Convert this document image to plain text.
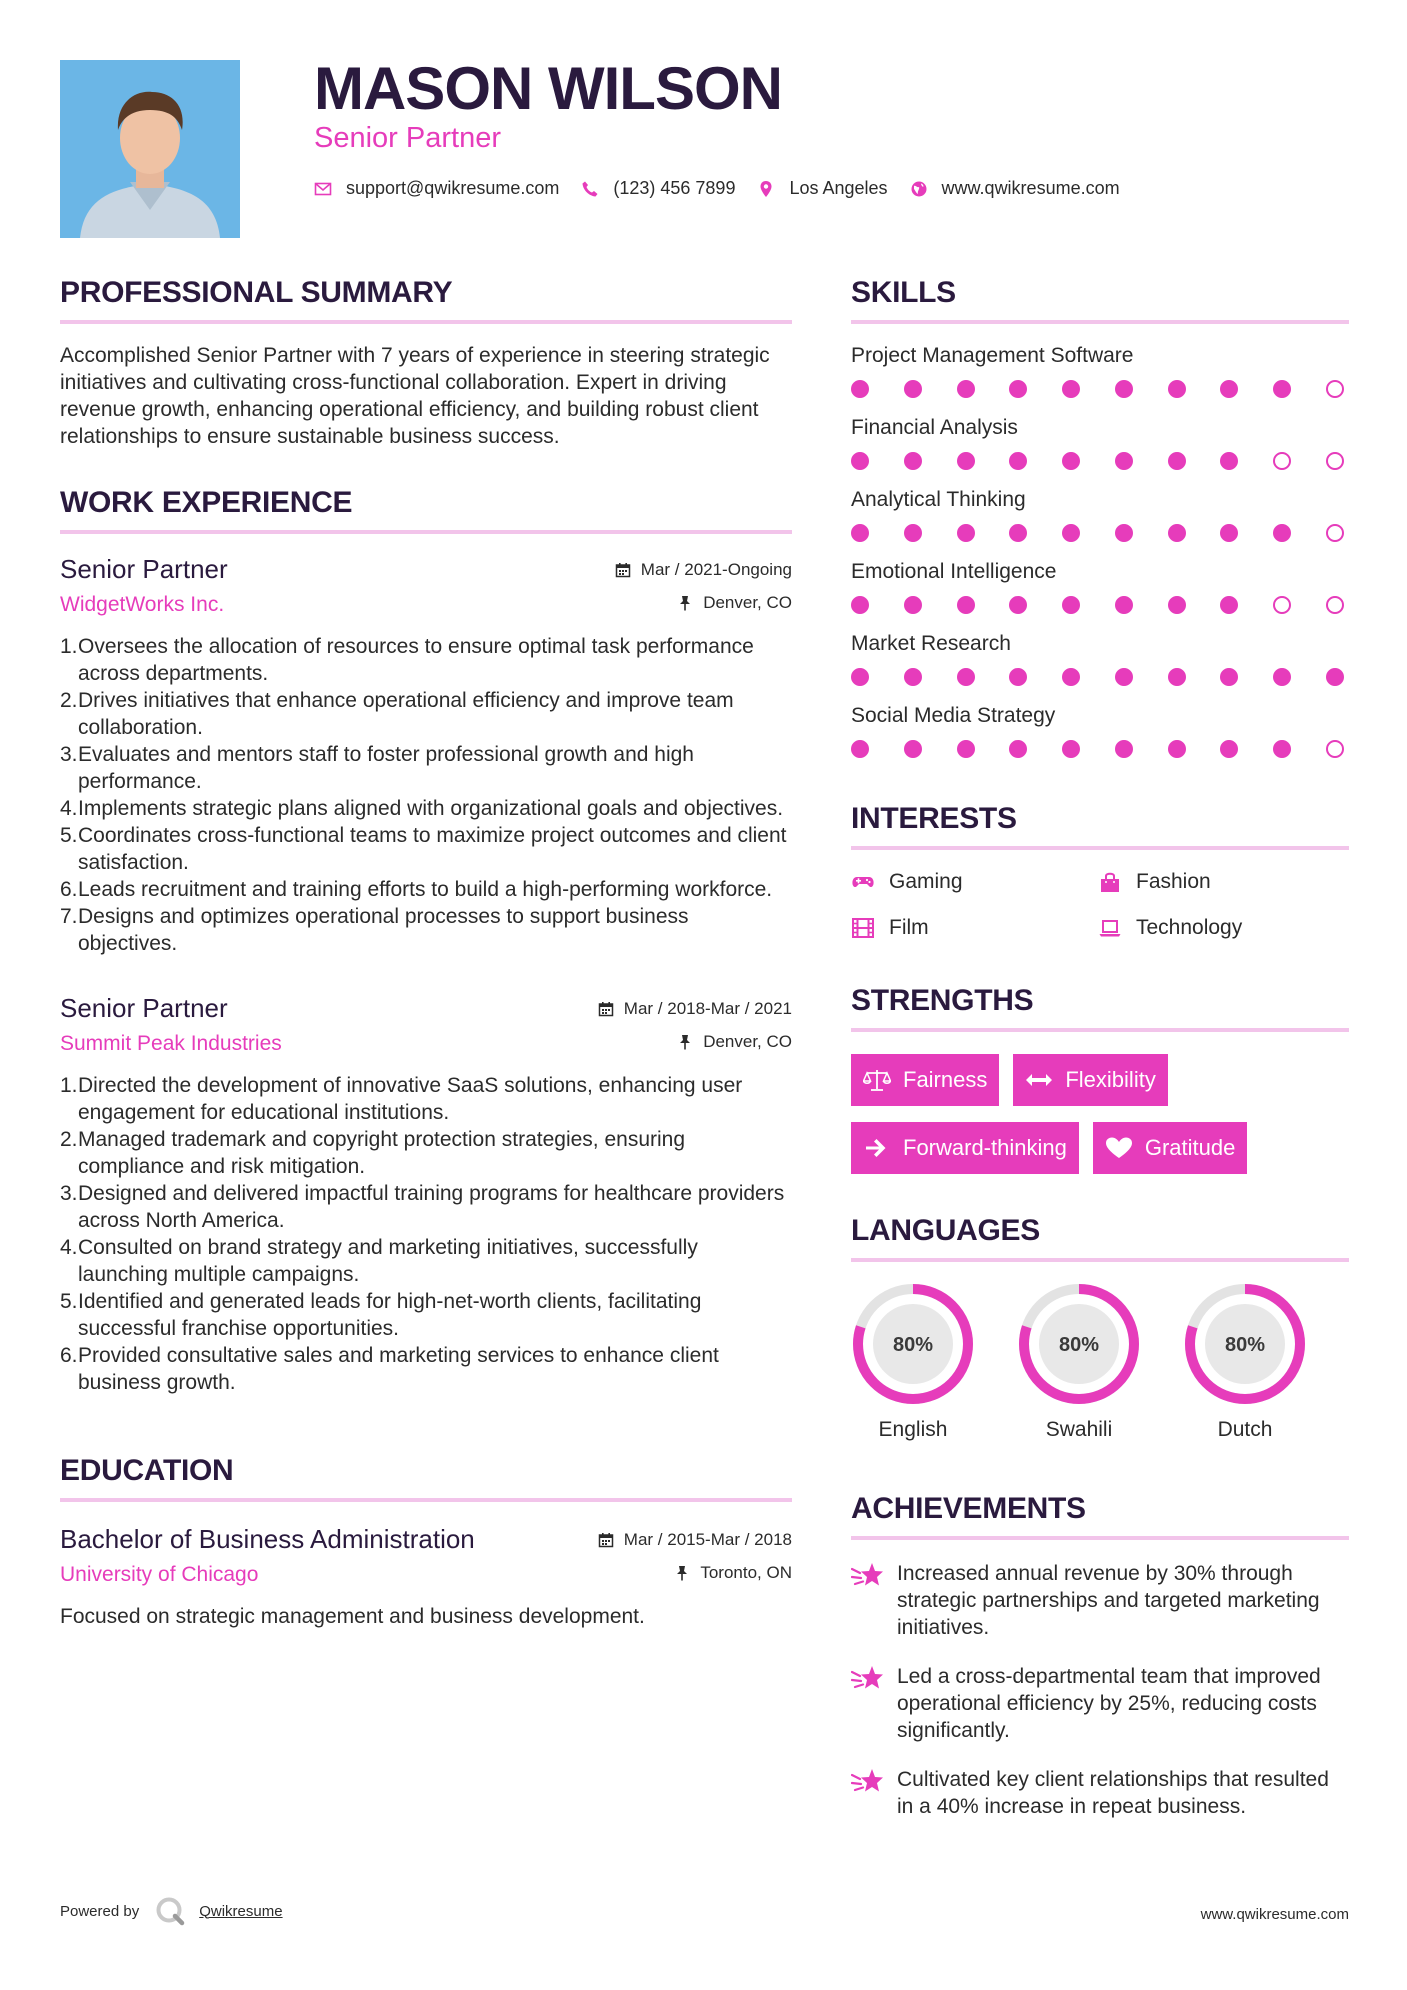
MASON WILSON
Senior Partner
support@qwikresume.com	(123) 456 7899	Los Angeles	www.qwikresume.com
PROFESSIONAL SUMMARY

Accomplished Senior Partner with 7 years of experience in steering strategic initiatives and cultivating cross-functional collaboration. Expert in driving revenue growth, enhancing operational efficiency, and building robust client relationships to ensure sustainable business success.

WORK EXPERIENCE
Senior Partner	Mar / 2021-Ongoing
WidgetWorks Inc.	Denver, CO
1. Oversees the allocation of resources to ensure optimal task performance across departments.
2. Drives initiatives that enhance operational efficiency and improve team collaboration.
3. Evaluates and mentors staff to foster professional growth and high performance.
4. Implements strategic plans aligned with organizational goals and objectives.
5. Coordinates cross-functional teams to maximize project outcomes and client satisfaction.
6. Leads recruitment and training efforts to build a high-performing workforce.
7. Designs and optimizes operational processes to support business objectives.
Senior Partner	Mar / 2018-Mar / 2021
Summit Peak Industries	Denver, CO
1. Directed the development of innovative SaaS solutions, enhancing user engagement for educational institutions.
2. Managed trademark and copyright protection strategies, ensuring compliance and risk mitigation.
3. Designed and delivered impactful training programs for healthcare providers across North America.
4. Consulted on brand strategy and marketing initiatives, successfully launching multiple campaigns.
5. Identified and generated leads for high-net-worth clients, facilitating successful franchise opportunities.
6. Provided consultative sales and marketing services to enhance client business growth.
EDUCATION
Bachelor of Business Administration	Mar / 2015-Mar / 2018
University of Chicago	Toronto, ON

Focused on strategic management and business development.

SKILLS
Project Management Software
Financial Analysis
Analytical Thinking
Emotional Intelligence
Market Research
Social Media Strategy
INTERESTS
Gaming	Fashion
Film	Technology
STRENGTHS
Fairness	Flexibility
Forward-thinking	Gratitude
LANGUAGES
80%
English
80%
Swahili
80%
Dutch
ACHIEVEMENTS
Increased annual revenue by 30% through strategic partnerships and targeted marketing initiatives.
Led a cross-departmental team that improved operational efficiency by 25%, reducing costs significantly.
Cultivated key client relationships that resulted in a 40% increase in repeat business.
Powered by	Qwikresume	www.qwikresume.com
